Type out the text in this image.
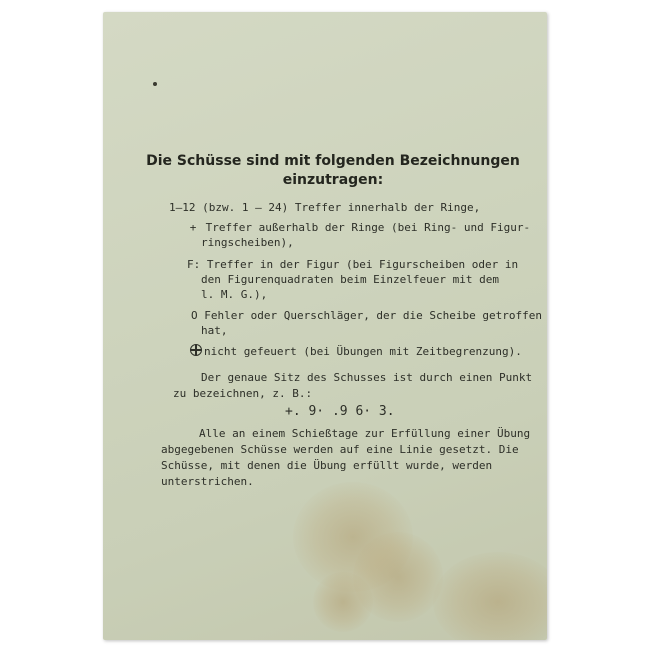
Die Schüsse sind mit folgenden Bezeichnungen
einzutragen:
1—12 (bzw. 1 – 24) Treffer innerhalb der Ringe,
+ Treffer außerhalb der Ringe (bei Ring- und Figur-
ringscheiben),
F: Treffer in der Figur (bei Figurscheiben oder in
den Figurenquadraten beim Einzelfeuer mit dem
l. M. G.),
O Fehler oder Querschläger, der die Scheibe getroffen
hat,
nicht gefeuert (bei Übungen mit Zeitbegrenzung).
Der genaue Sitz des Schusses ist durch einen Punkt
zu bezeichnen, z. B.:
+. 9· .9 6· 3.
Alle an einem Schießtage zur Erfüllung einer Übung
abgegebenen Schüsse werden auf eine Linie gesetzt. Die
Schüsse, mit denen die Übung erfüllt wurde, werden
unterstrichen.
